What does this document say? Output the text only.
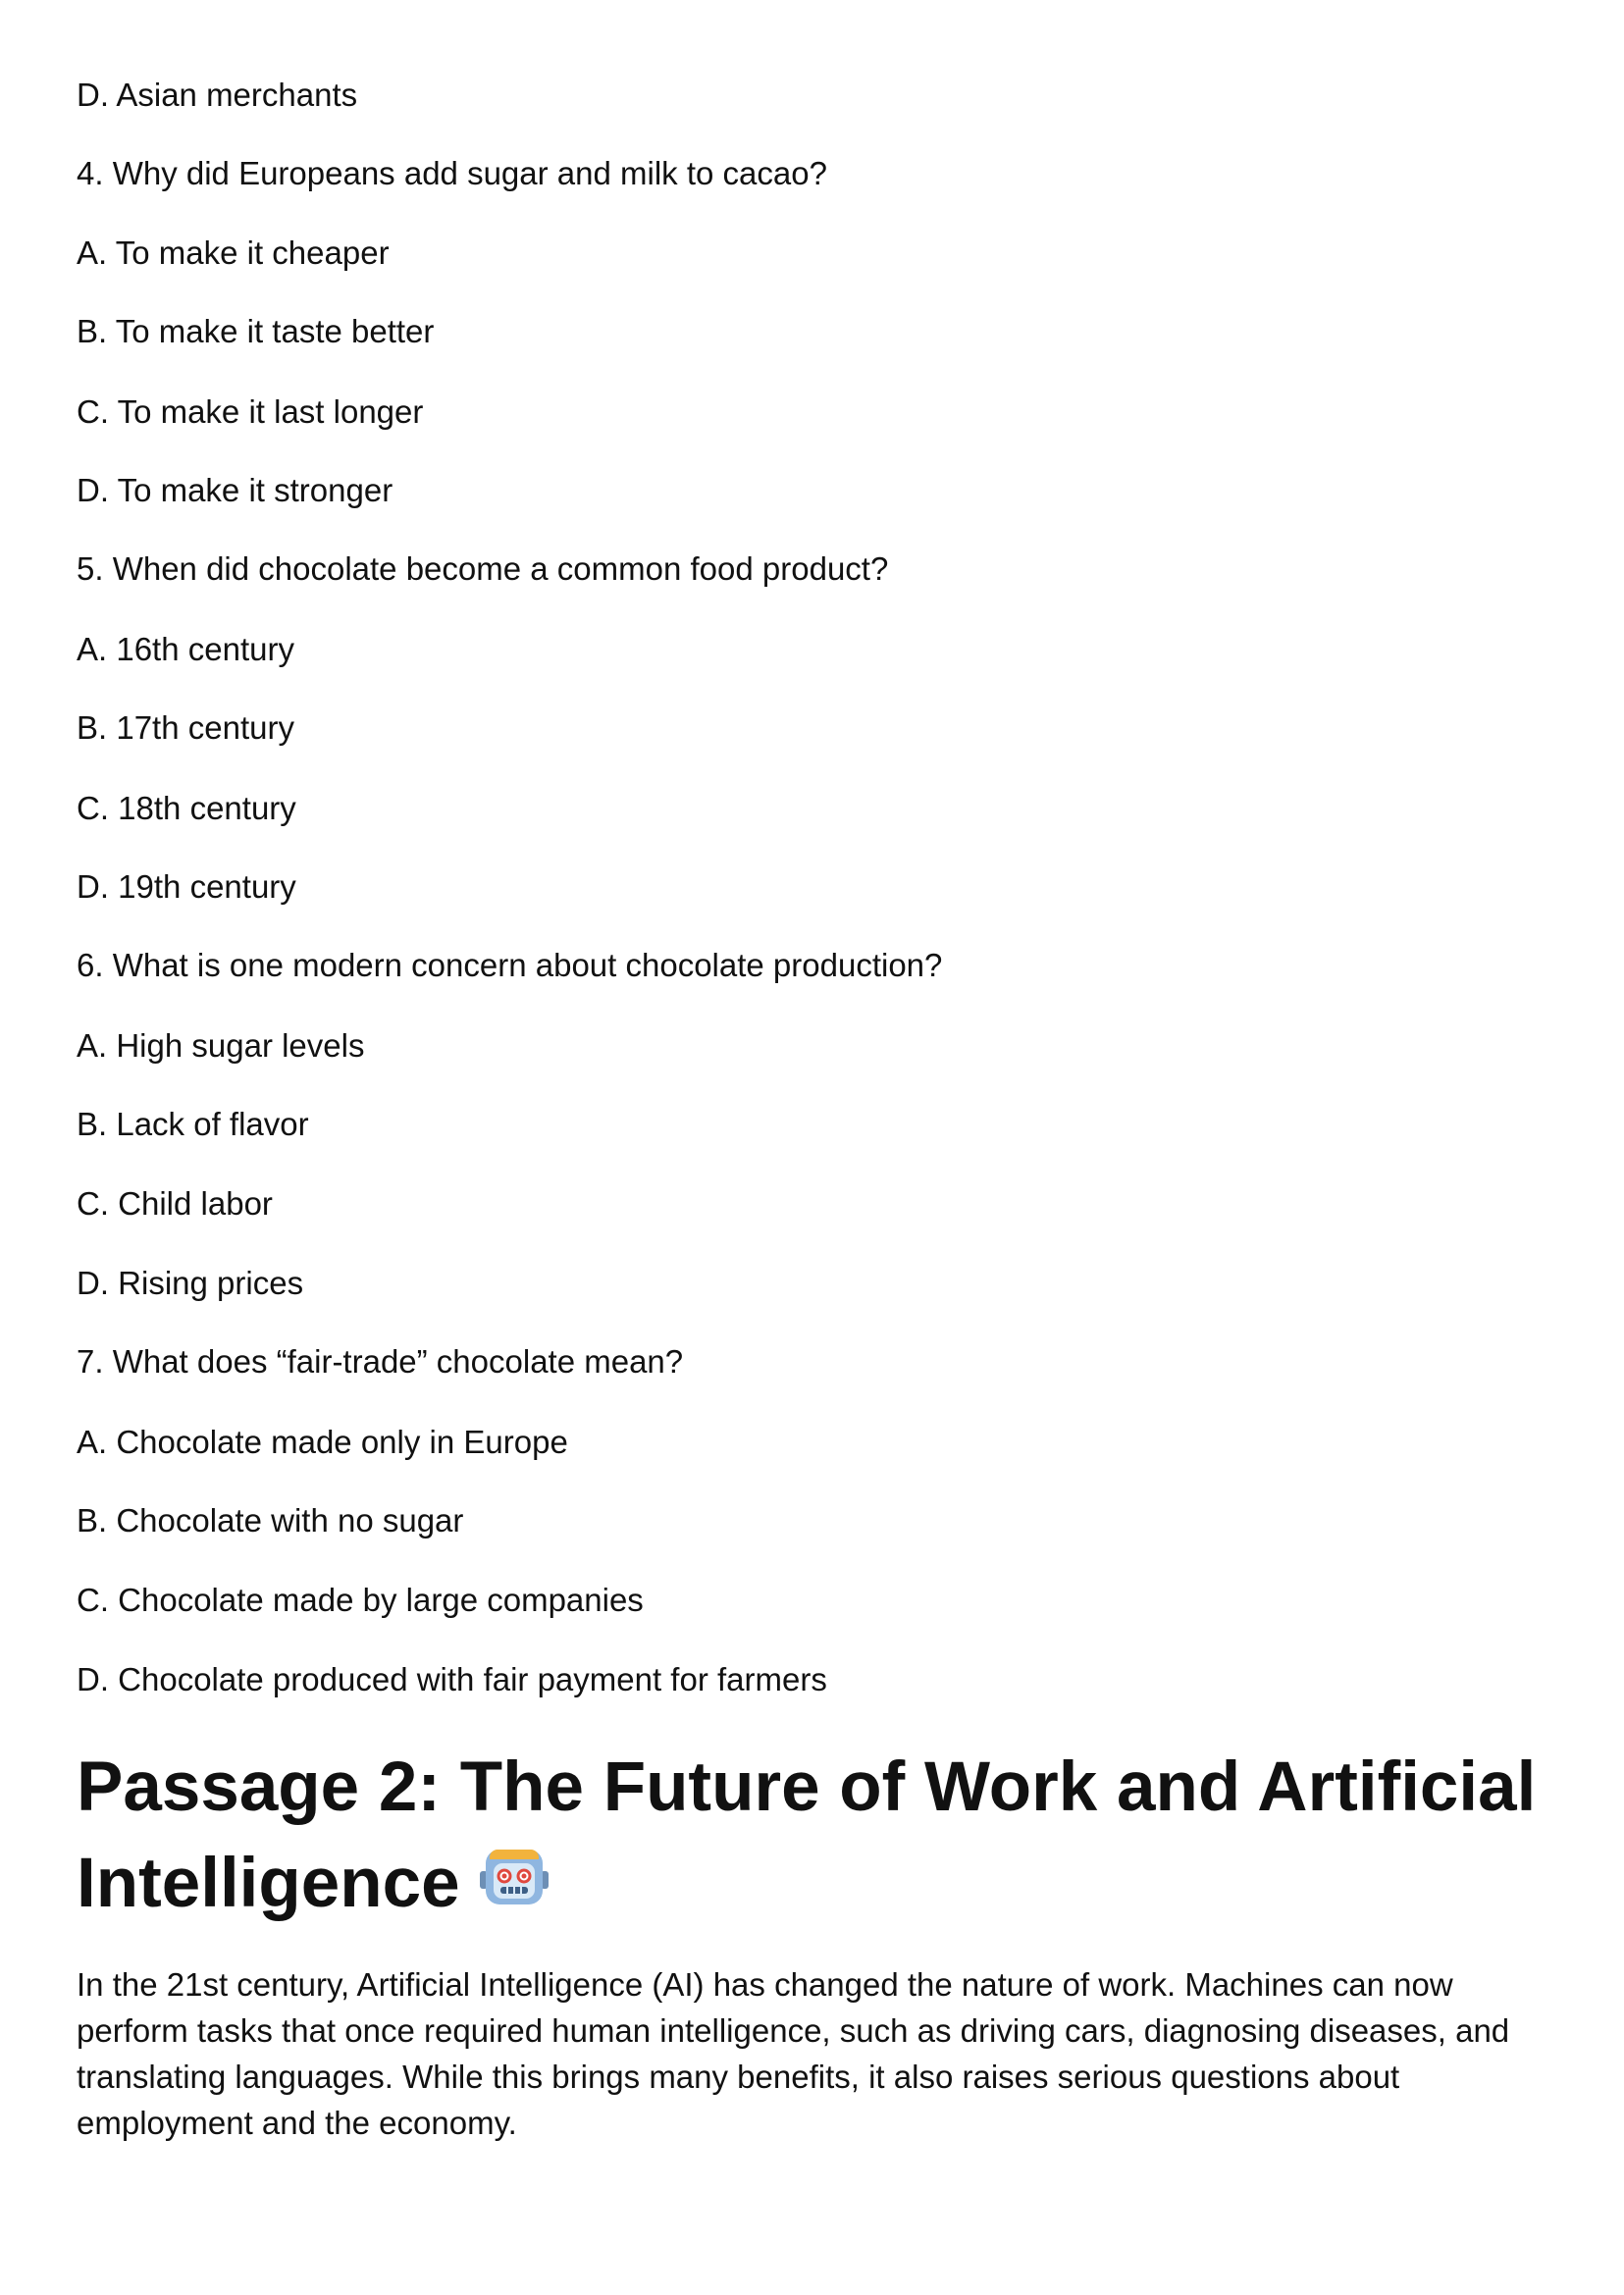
D. Asian merchants

4. Why did Europeans add sugar and milk to cacao?

A. To make it cheaper

B. To make it taste better

C. To make it last longer

D. To make it stronger

5. When did chocolate become a common food product?

A. 16th century

B. 17th century

C. 18th century

D. 19th century

6. What is one modern concern about chocolate production?

A. High sugar levels

B. Lack of flavor

C. Child labor

D. Rising prices

7. What does “fair-trade” chocolate mean?

A. Chocolate made only in Europe

B. Chocolate with no sugar

C. Chocolate made by large companies

D. Chocolate produced with fair payment for farmers

Passage 2: The Future of Work and Artificial
Intelligence

In the 21st century, Artificial Intelligence (AI) has changed the nature of work. Machines can now perform tasks that once required human intelligence, such as driving cars, diagnosing diseases, and translating languages. While this brings many benefits, it also raises serious questions about employment and the economy.
